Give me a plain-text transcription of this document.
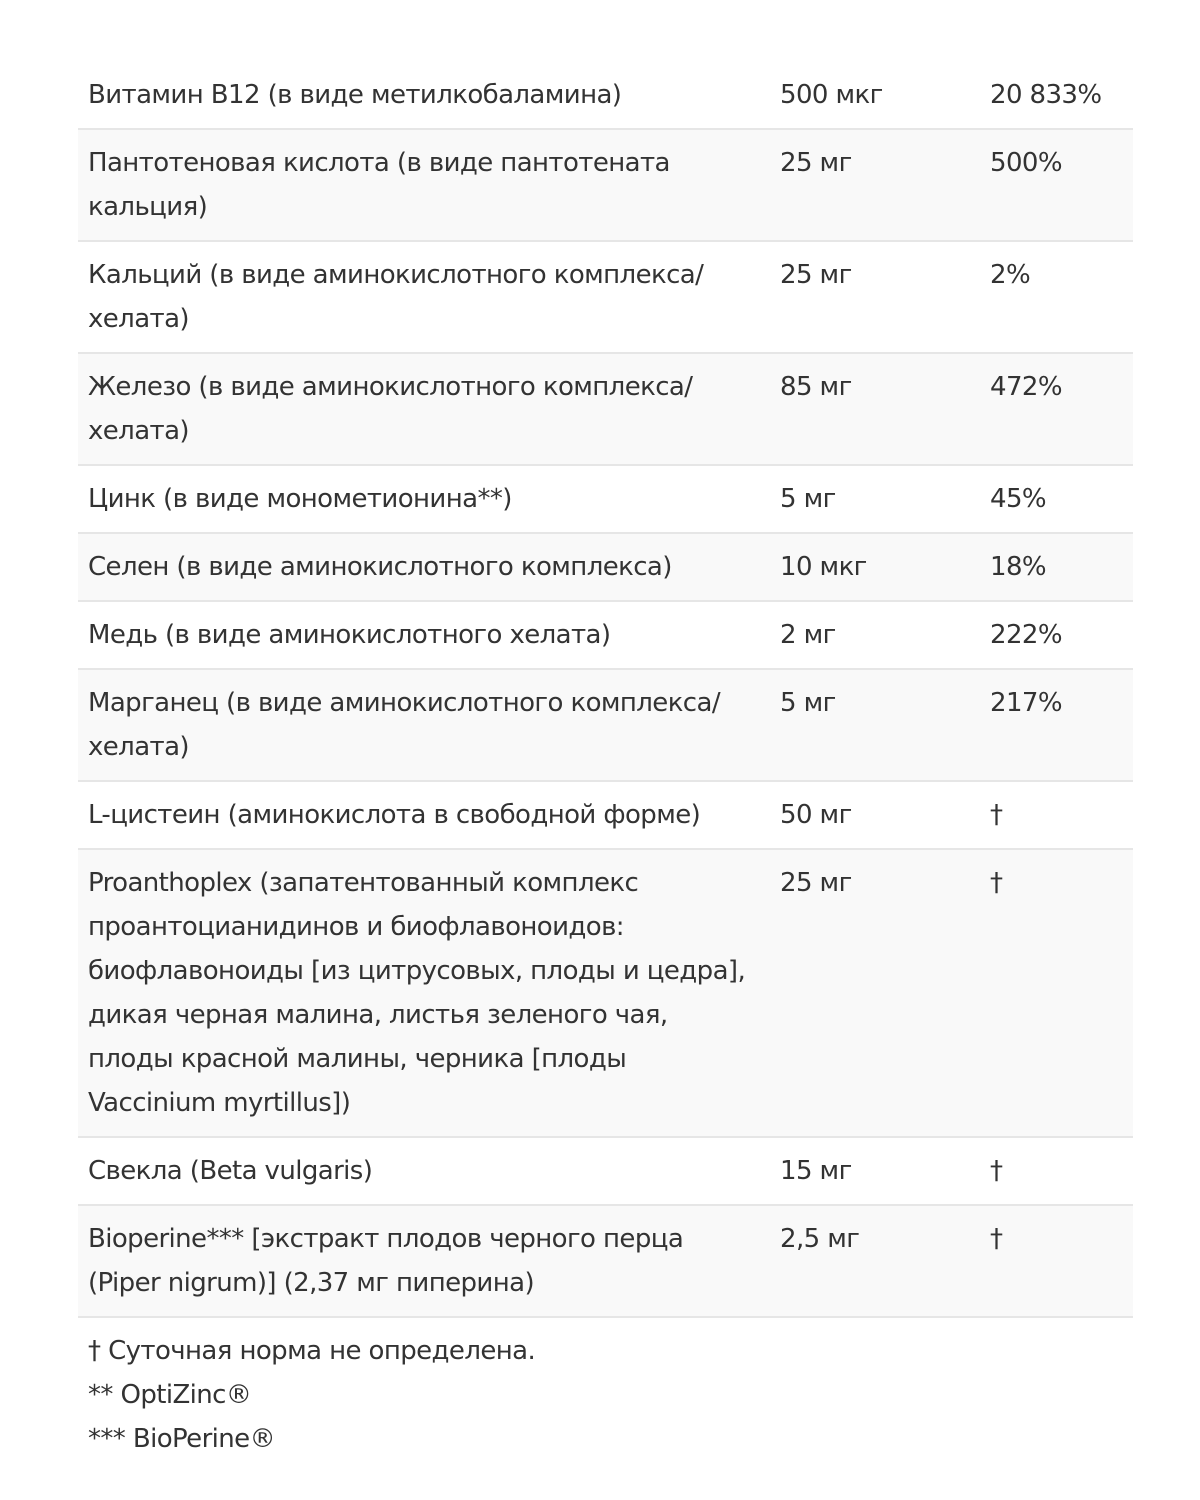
Витамин B12 (в виде метилкобаламина)	500 мкг	20 833%
Пантотеновая кислота (в виде пантотената кальция)	25 мг	500%
Кальций (в виде аминокислотного комплекса/ хелата)	25 мг	2%
Железо (в виде аминокислотного комплекса/ хелата)	85 мг	472%
Цинк (в виде монометионина**)	5 мг	45%
Селен (в виде аминокислотного комплекса)	10 мкг	18%
Медь (в виде аминокислотного хелата)	2 мг	222%
Марганец (в виде аминокислотного комплекса/ хелата)	5 мг	217%
L-цистеин (аминокислота в свободной форме)	50 мг	†
Proanthoplex (запатентованный комплекс проантоцианидинов и биофлавоноидов: биофлавоноиды [из цитрусовых, плоды и цедра], дикая черная малина, листья зеленого чая, плоды красной малины, черника [плоды Vaccinium myrtillus])	25 мг	†
Свекла (Beta vulgaris)	15 мг	†
Bioperine*** [экстракт плодов черного перца (Piper nigrum)] (2,37 мг пиперина)	2,5 мг	†
† Суточная норма не определена.
** OptiZinc®
*** BioPerine®
